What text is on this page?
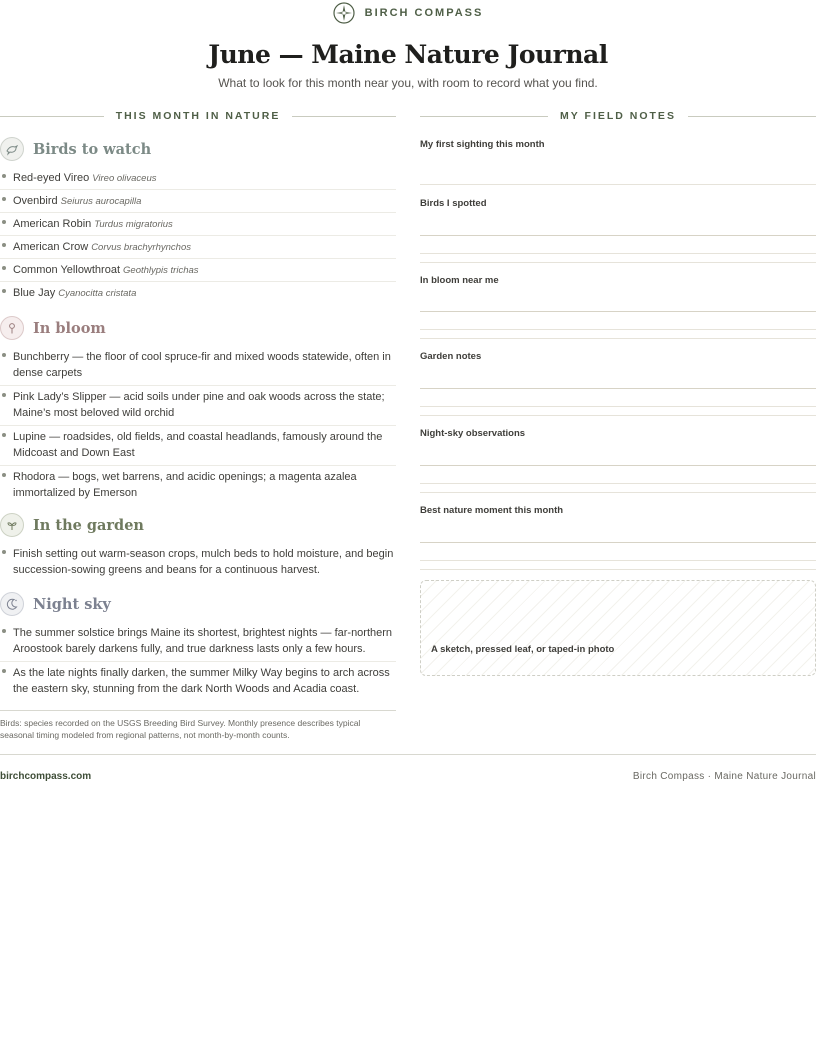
BIRCH COMPASS
June — Maine Nature Journal

What to look for this month near you, with room to record what you find.

THIS MONTH IN NATURE	MY FIELD NOTES
Birds to watch
Red-eyed Vireo Vireo olivaceus
Ovenbird Seiurus aurocapilla
American Robin Turdus migratorius
American Crow Corvus brachyrhynchos
Common Yellowthroat Geothlypis trichas
Blue Jay Cyanocitta cristata
In bloom
Bunchberry — the floor of cool spruce-fir and mixed woods statewide, often in dense carpets
Pink Lady’s Slipper — acid soils under pine and oak woods across the state; Maine’s most beloved wild orchid
Lupine — roadsides, old fields, and coastal headlands, famously around the Midcoast and Down East
Rhodora — bogs, wet barrens, and acidic openings; a magenta azalea immortalized by Emerson
In the garden
Finish setting out warm-season crops, mulch beds to hold moisture, and begin succession-sowing greens and beans for a continuous harvest.
Night sky
The summer solstice brings Maine its shortest, brightest nights — far-northern Aroostook barely darkens fully, and true darkness lasts only a few hours.
As the late nights finally darken, the summer Milky Way begins to arch across the eastern sky, stunning from the dark North Woods and Acadia coast.

Birds: species recorded on the USGS Breeding Bird Survey. Monthly presence describes typical seasonal timing modeled from regional patterns, not month-by-month counts.

My first sighting this month

Birds I spotted

In bloom near me

Garden notes

Night-sky observations

Best nature moment this month

A sketch, pressed leaf, or taped-in photo
birchcompass.com	Birch Compass · Maine Nature Journal
